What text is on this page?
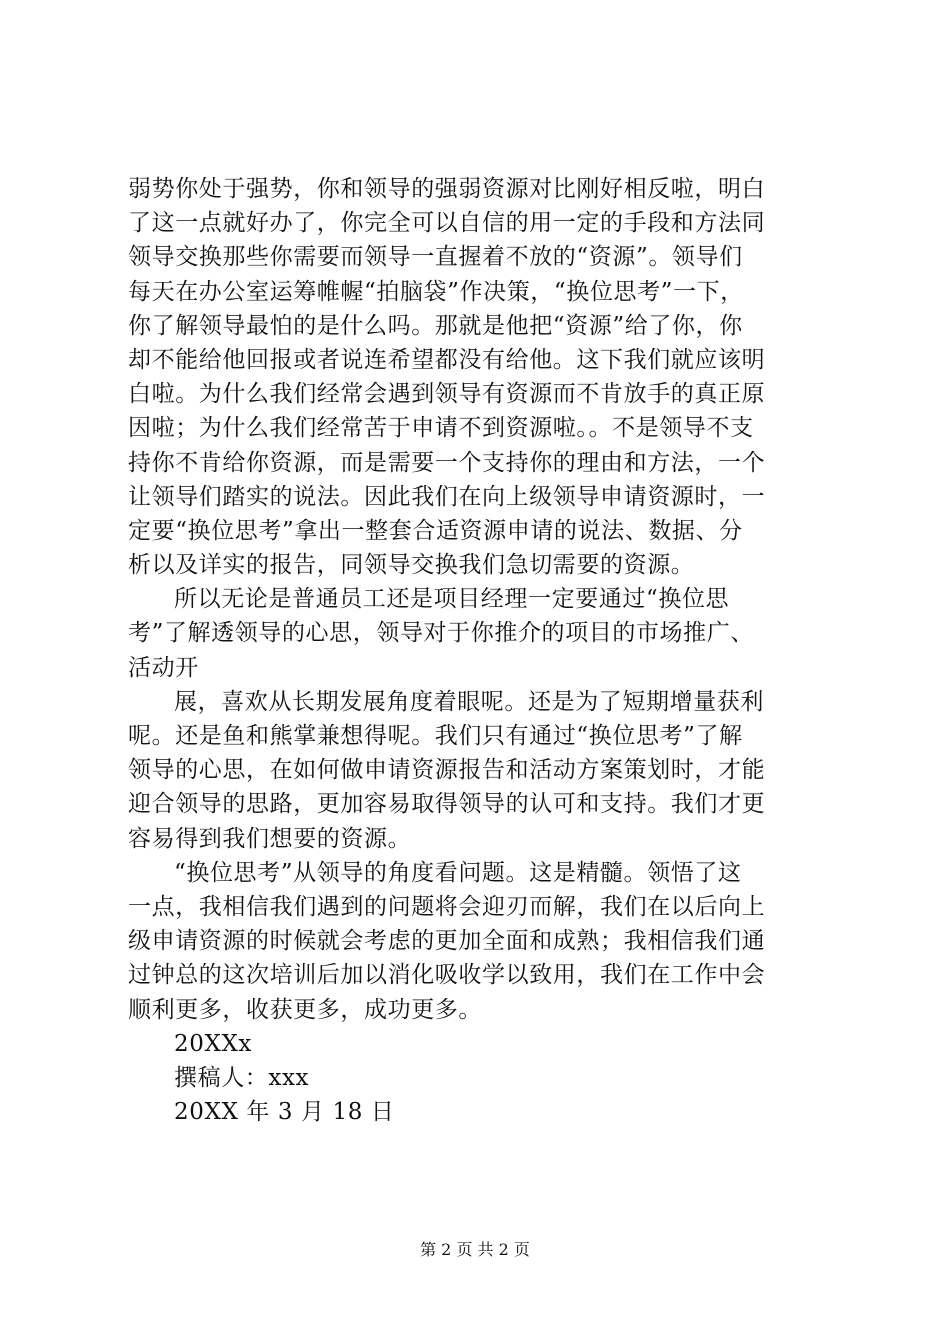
弱势你处于强势，你和领导的强弱资源对比刚好相反啦，明白
了这一点就好办了，你完全可以自信的用一定的手段和方法同
领导交换那些你需要而领导一直握着不放的“资源”。领导们
每天在办公室运筹帷幄“拍脑袋”作决策，“换位思考”一下，
你了解领导最怕的是什么吗。那就是他把“资源”给了你，你
却不能给他回报或者说连希望都没有给他。这下我们就应该明
白啦。为什么我们经常会遇到领导有资源而不肯放手的真正原
因啦；为什么我们经常苦于申请不到资源啦。。不是领导不支
持你不肯给你资源，而是需要一个支持你的理由和方法，一个
让领导们踏实的说法。因此我们在向上级领导申请资源时，一
定要“换位思考”拿出一整套合适资源申请的说法、数据、分
析以及详实的报告，同领导交换我们急切需要的资源。
所以无论是普通员工还是项目经理一定要通过“换位思
考”了解透领导的心思，领导对于你推介的项目的市场推广、
活动开
展，喜欢从长期发展角度着眼呢。还是为了短期增量获利
呢。还是鱼和熊掌兼想得呢。我们只有通过“换位思考”了解
领导的心思，在如何做申请资源报告和活动方案策划时，才能
迎合领导的思路，更加容易取得领导的认可和支持。我们才更
容易得到我们想要的资源。
“换位思考”从领导的角度看问题。这是精髓。领悟了这
一点，我相信我们遇到的问题将会迎刃而解，我们在以后向上
级申请资源的时候就会考虑的更加全面和成熟；我相信我们通
过钟总的这次培训后加以消化吸收学以致用，我们在工作中会
顺利更多，收获更多，成功更多。
20XXx
撰稿人：xxx
20XX 年 3 月 18 日
第 2 页 共 2 页
